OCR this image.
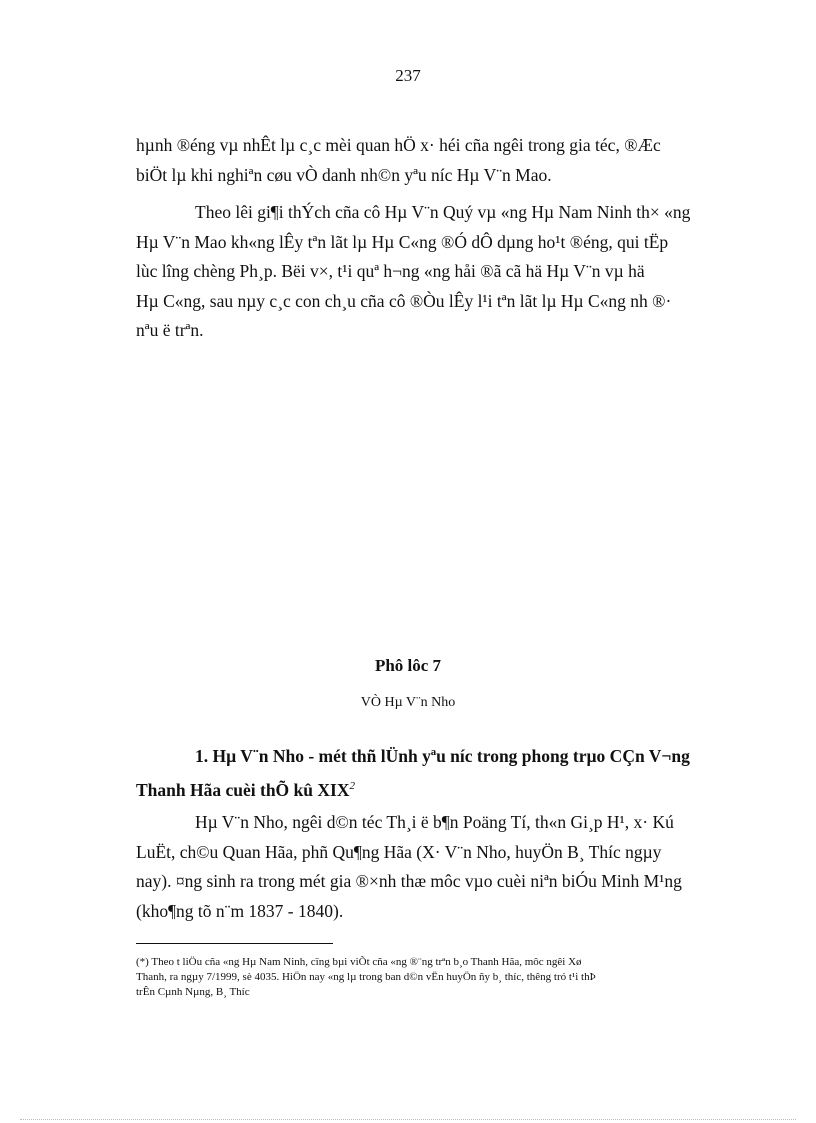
237

hµnh ®éng vµ nhÊt lµ c¸c mèi quan hÖ x· héi cña ngêi trong gia téc, ®Æc
biÖt lµ khi nghiªn cøu vÒ danh nh©n yªu níc Hµ V¨n Mao.

Theo lêi gi¶i thÝch cña cô Hµ V¨n Quý vµ «ng Hµ Nam Ninh th× «ng
Hµ V¨n Mao kh«ng lÊy tªn lãt lµ Hµ C«ng ®Ó dÔ dµng ho¹t ®éng, qui tËp
lùc lîng chèng Ph¸p. Bëi v×, t¹i quª h¬ng «ng håi ®ã cã hä Hµ V¨n vµ hä
Hµ C«ng, sau nµy c¸c con ch¸u cña cô ®Òu lÊy l¹i tªn lãt lµ Hµ C«ng nh ®·
nªu ë trªn.

Phô lôc 7
VÒ Hµ V¨n Nho
1. Hµ V¨n Nho - mét thñ lÜnh yªu níc trong phong trµo CÇn V¬ng
Thanh Hãa cuèi thÕ kû XIX$^2$

Hµ V¨n Nho, ngêi d©n téc Th¸i ë b¶n Poäng Tí, th«n Gi¸p H¹, x· Kú
LuËt, ch©u Quan Hãa, phñ Qu¶ng Hãa (X· V¨n Nho, huyÖn B¸ Thíc ngµy
nay). ¤ng sinh ra trong mét gia ®×nh thæ môc vµo cuèi niªn biÓu Minh M¹ng
(kho¶ng tõ n¨m 1837 - 1840).

(*) Theo t liÖu cña «ng Hµ Nam Ninh, cïng bµi viÕt cña «ng ®¨ng trªn b¸o Thanh Hãa, môc ngêi Xø
Thanh, ra ngµy 7/1999, sè 4035. HiÖn nay «ng lµ trong ban d©n vËn huyÖn ñy b¸ thíc, thêng tró t¹i thÞ
trÊn Cµnh Nµng, B¸ Thíc
